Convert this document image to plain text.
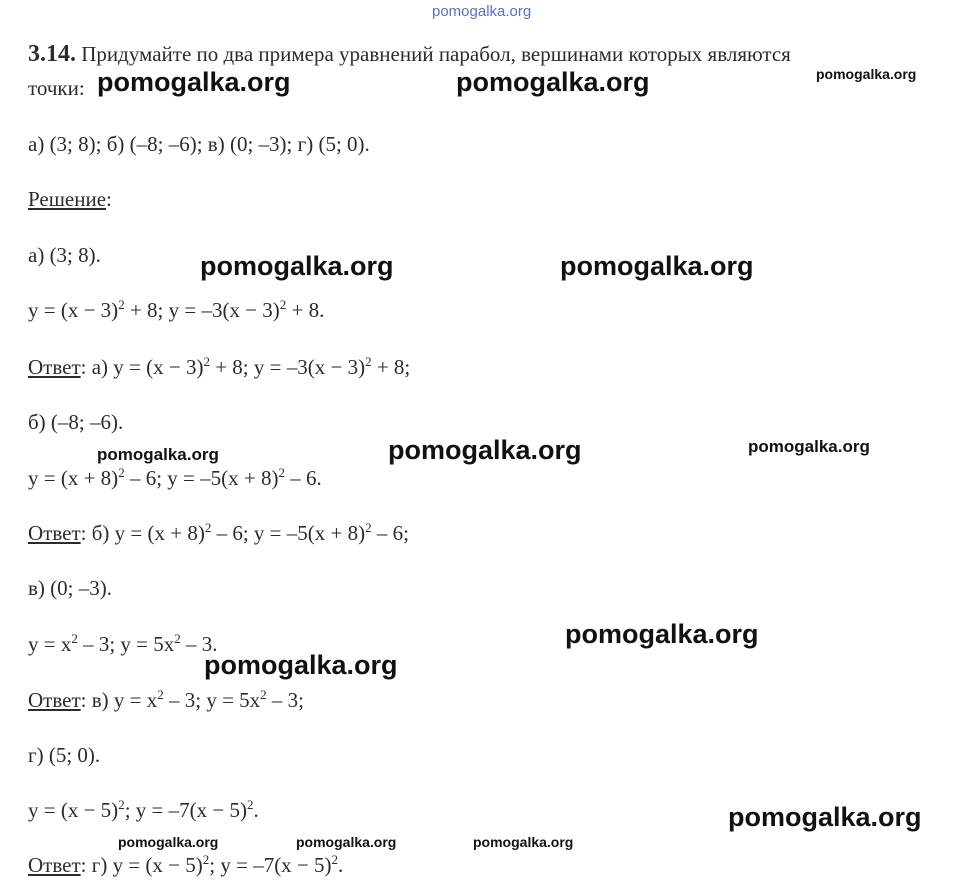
pomogalka.org
3.14. Придумайте по два примера уравнений парабол, вершинами которых являются
точки:
а) (3; 8); б) (–8; –6); в) (0; –3); г) (5; 0).
Решение:
а) (3; 8).
$y = (x - 3)^2 + 8$; $y = -3(x - 3)^2 + 8$.
Ответ: а) $y = (x - 3)^2 + 8$; $y = -3(x - 3)^2 + 8$;
б) (–8; –6).
$y = (x + 8)^2 - 6$; $y = -5(x + 8)^2 - 6$.
Ответ: б) $y = (x + 8)^2 - 6$; $y = -5(x + 8)^2 - 6$;
в) (0; –3).
$y = x^2 - 3$; $y = 5x^2 - 3$.
Ответ: в) $y = x^2 - 3$; $y = 5x^2 - 3$;
г) (5; 0).
$y = (x - 5)^2$; $y = -7(x - 5)^2$.
Ответ: г) $y = (x - 5)^2$; $y = -7(x - 5)^2$.
pomogalka.org	pomogalka.org	pomogalka.org
pomogalka.org	pomogalka.org
pomogalka.org	pomogalka.org	pomogalka.org
pomogalka.org
pomogalka.org
pomogalka.org
pomogalka.org	pomogalka.org	pomogalka.org
